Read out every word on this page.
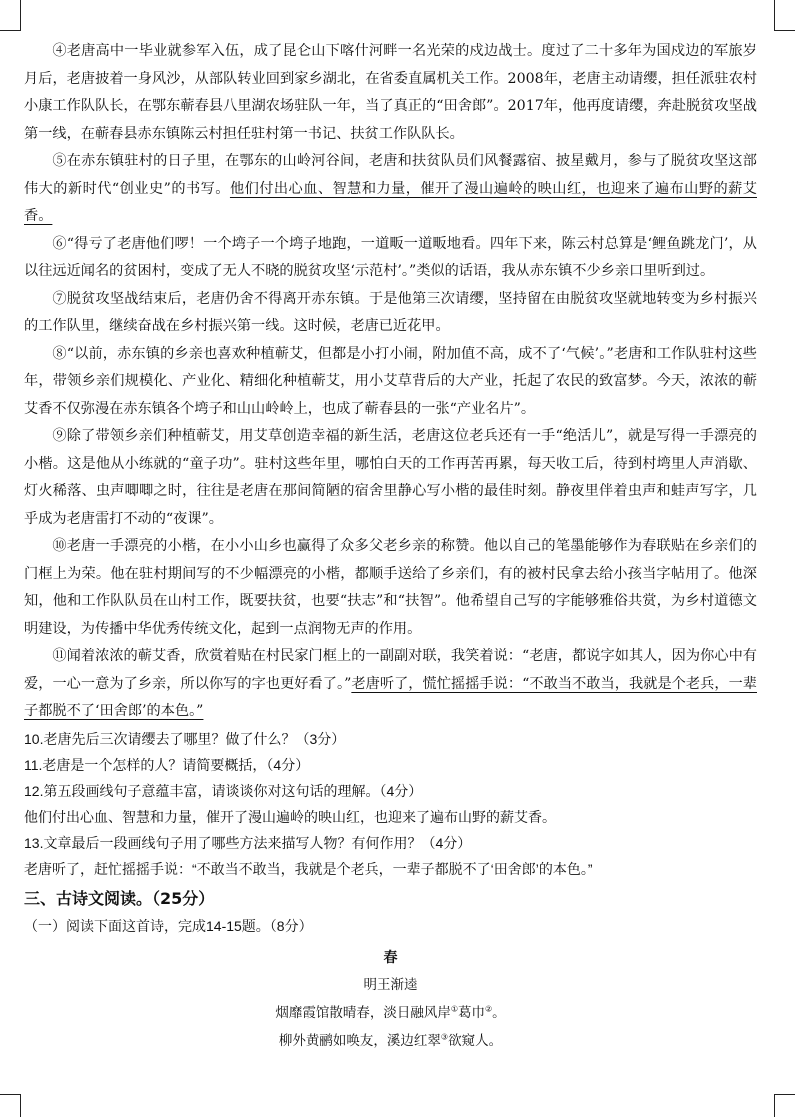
④老唐高中一毕业就参军入伍，成了昆仑山下喀什河畔一名光荣的戍边战士。度过了二十多年为国戍边的军旅岁月后，老唐披着一身风沙，从部队转业回到家乡湖北，在省委直属机关工作。2008年，老唐主动请缨，担任派驻农村小康工作队队长，在鄂东蕲春县八里湖农场驻队一年，当了真正的“田舍郎”。2017年，他再度请缨，奔赴脱贫攻坚战第一线，在蕲春县赤东镇陈云村担任驻村第一书记、扶贫工作队队长。

⑤在赤东镇驻村的日子里，在鄂东的山岭河谷间，老唐和扶贫队员们风餐露宿、披星戴月，参与了脱贫攻坚这部伟大的新时代“创业史”的书写。他们付出心血、智慧和力量，催开了漫山遍岭的映山红，也迎来了遍布山野的薪艾香。

⑥“得亏了老唐他们啰！一个塆子一个塆子地跑，一道畈一道畈地看。四年下来，陈云村总算是‘鲤鱼跳龙门’，从以往远近闻名的贫困村，变成了无人不晓的脱贫攻坚‘示范村’。”类似的话语，我从赤东镇不少乡亲口里听到过。

⑦脱贫攻坚战结束后，老唐仍舍不得离开赤东镇。于是他第三次请缨，坚持留在由脱贫攻坚就地转变为乡村振兴的工作队里，继续奋战在乡村振兴第一线。这时候，老唐已近花甲。

⑧“以前，赤东镇的乡亲也喜欢种植蕲艾，但都是小打小闹，附加值不高，成不了‘气候’。”老唐和工作队驻村这些年，带领乡亲们规模化、产业化、精细化种植蕲艾，用小艾草背后的大产业，托起了农民的致富梦。今天，浓浓的蕲艾香不仅弥漫在赤东镇各个塆子和山山岭岭上，也成了蕲春县的一张“产业名片”。

⑨除了带领乡亲们种植蕲艾，用艾草创造幸福的新生活，老唐这位老兵还有一手“绝活儿”，就是写得一手漂亮的小楷。这是他从小练就的“童子功”。驻村这些年里，哪怕白天的工作再苦再累，每天收工后，待到村塆里人声消歇、灯火稀落、虫声唧唧之时，往往是老唐在那间简陋的宿舍里静心写小楷的最佳时刻。静夜里伴着虫声和蛙声写字，几乎成为老唐雷打不动的“夜课”。

⑩老唐一手漂亮的小楷，在小小山乡也赢得了众多父老乡亲的称赞。他以自己的笔墨能够作为春联贴在乡亲们的门框上为荣。他在驻村期间写的不少幅漂亮的小楷，都顺手送给了乡亲们，有的被村民拿去给小孩当字帖用了。他深知，他和工作队队员在山村工作，既要扶贫，也要“扶志”和“扶智”。他希望自己写的字能够雅俗共赏，为乡村道德文明建设，为传播中华优秀传统文化，起到一点润物无声的作用。

⑪闻着浓浓的蕲艾香，欣赏着贴在村民家门框上的一副副对联，我笑着说：“老唐，都说字如其人，因为你心中有爱，一心一意为了乡亲，所以你写的字也更好看了。”老唐听了，慌忙摇摇手说：“不敢当不敢当，我就是个老兵，一辈子都脱不了‘田舍郎’的本色。”

10.老唐先后三次请缨去了哪里？做了什么？（3分）

11.老唐是一个怎样的人？请简要概括，（4分）

12.第五段画线句子意蕴丰富，请谈谈你对这句话的理解。（4分）

他们付出心血、智慧和力量，催开了漫山遍岭的映山红，也迎来了遍布山野的薪艾香。

13.文章最后一段画线句子用了哪些方法来描写人物？有何作用？（4分）

老唐听了，赶忙摇摇手说：“不敢当不敢当，我就是个老兵，一辈子都脱不了‘田舍郎’的本色。”

三、古诗文阅读。（25分）

（一）阅读下面这首诗，完成14-15题。（8分）

春

明王渐逵

烟靡霞馆散晴春，淡日融风岸①葛巾②。

柳外黄鹂如唤友，溪边红翠③欲窥人。
